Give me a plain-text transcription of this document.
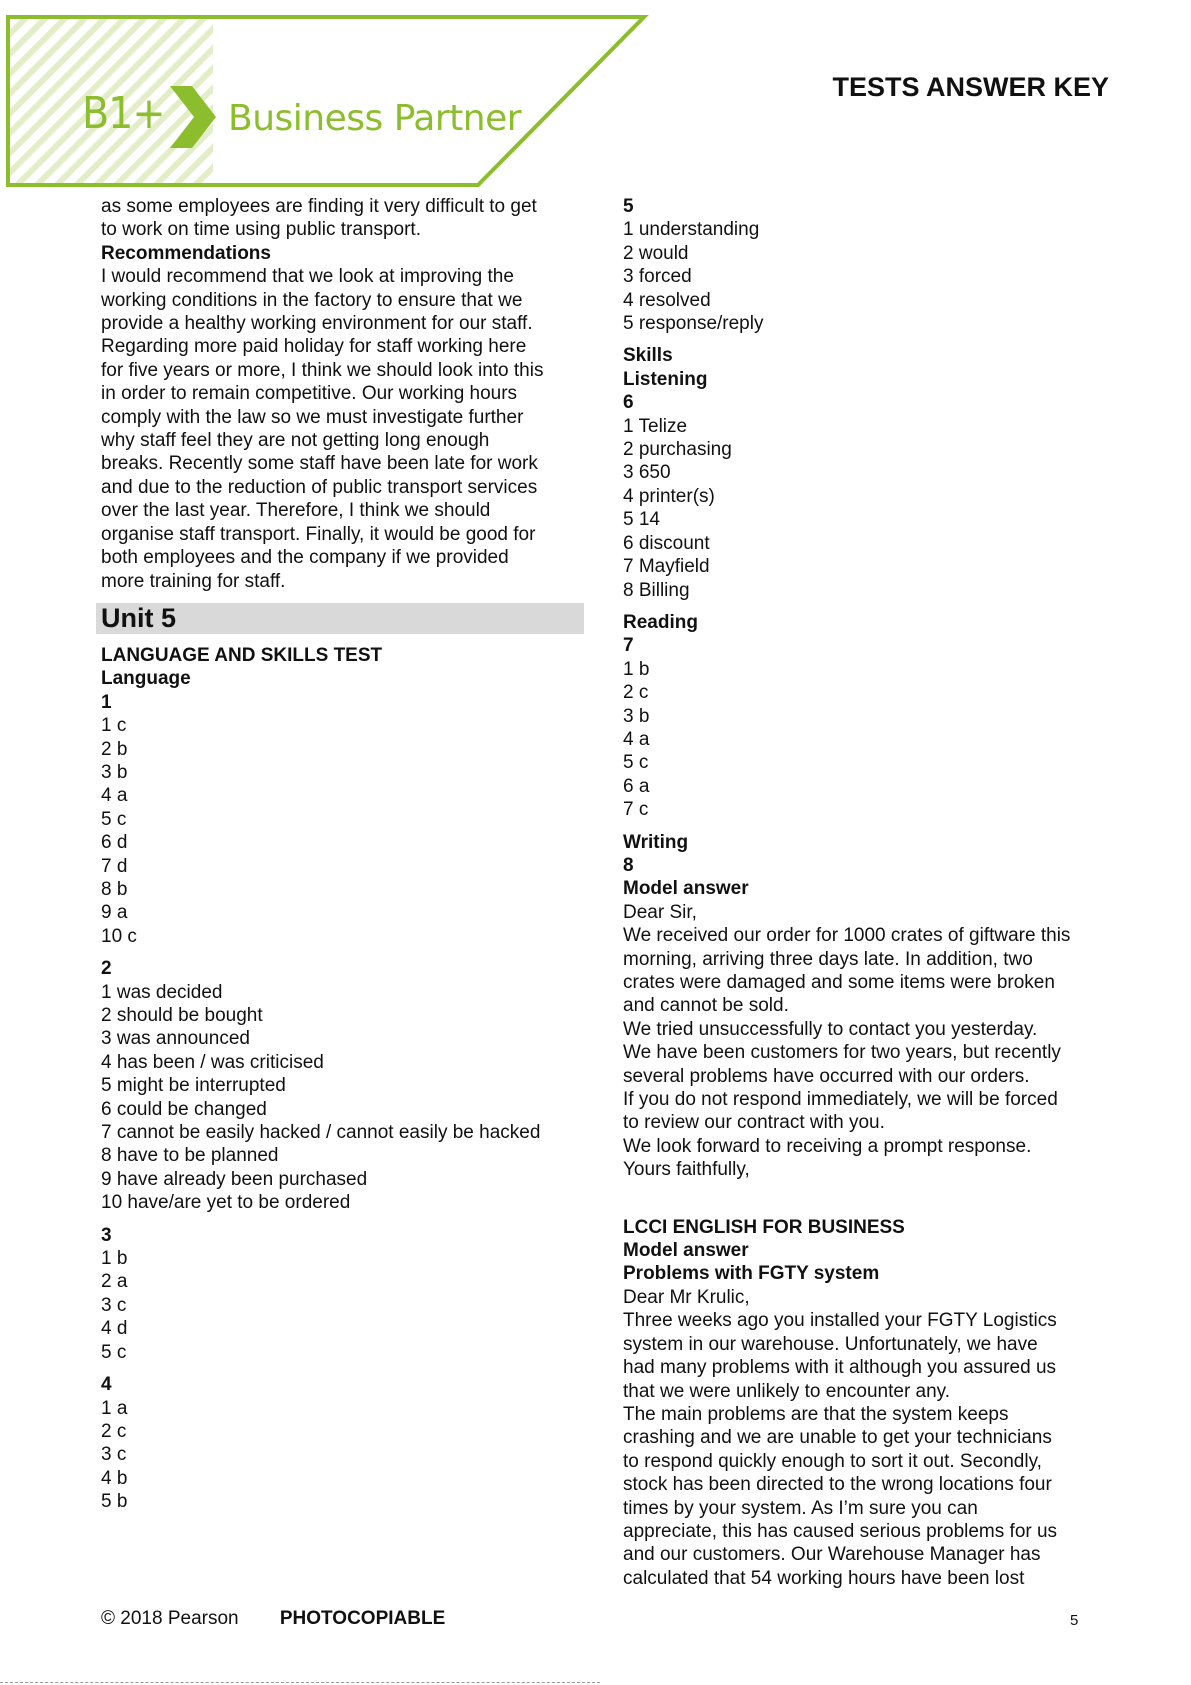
B1+ Business Partner
TESTS ANSWER KEY

as some employees are finding it very difficult to get

to work on time using public transport.

Recommendations

I would recommend that we look at improving the

working conditions in the factory to ensure that we

provide a healthy working environment for our staff.

Regarding more paid holiday for staff working here

for five years or more, I think we should look into this

in order to remain competitive. Our working hours

comply with the law so we must investigate further

why staff feel they are not getting long enough

breaks. Recently some staff have been late for work

and due to the reduction of public transport services

over the last year. Therefore, I think we should

organise staff transport. Finally, it would be good for

both employees and the company if we provided

more training for staff.

Unit 5

LANGUAGE AND SKILLS TEST

Language

1

1 c

2 b

3 b

4 a

5 c

6 d

7 d

8 b

9 a

10 c

2

1 was decided

2 should be bought

3 was announced

4 has been / was criticised

5 might be interrupted

6 could be changed

7 cannot be easily hacked / cannot easily be hacked

8 have to be planned

9 have already been purchased

10 have/are yet to be ordered

3

1 b

2 a

3 c

4 d

5 c

4

1 a

2 c

3 c

4 b

5 b

5

1 understanding

2 would

3 forced

4 resolved

5 response/reply

Skills

Listening

6

1 Telize

2 purchasing

3 650

4 printer(s)

5 14

6 discount

7 Mayfield

8 Billing

Reading

7

1 b

2 c

3 b

4 a

5 c

6 a

7 c

Writing

8

Model answer

Dear Sir,

We received our order for 1000 crates of giftware this

morning, arriving three days late. In addition, two

crates were damaged and some items were broken

and cannot be sold.

We tried unsuccessfully to contact you yesterday.

We have been customers for two years, but recently

several problems have occurred with our orders.

If you do not respond immediately, we will be forced

to review our contract with you.

We look forward to receiving a prompt response.

Yours faithfully,

LCCI ENGLISH FOR BUSINESS

Model answer

Problems with FGTY system

Dear Mr Krulic,

Three weeks ago you installed your FGTY Logistics

system in our warehouse. Unfortunately, we have

had many problems with it although you assured us

that we were unlikely to encounter any.

The main problems are that the system keeps

crashing and we are unable to get your technicians

to respond quickly enough to sort it out. Secondly,

stock has been directed to the wrong locations four

times by your system. As I’m sure you can

appreciate, this has caused serious problems for us

and our customers. Our Warehouse Manager has

calculated that 54 working hours have been lost

© 2018 Pearson PHOTOCOPIABLE	5
